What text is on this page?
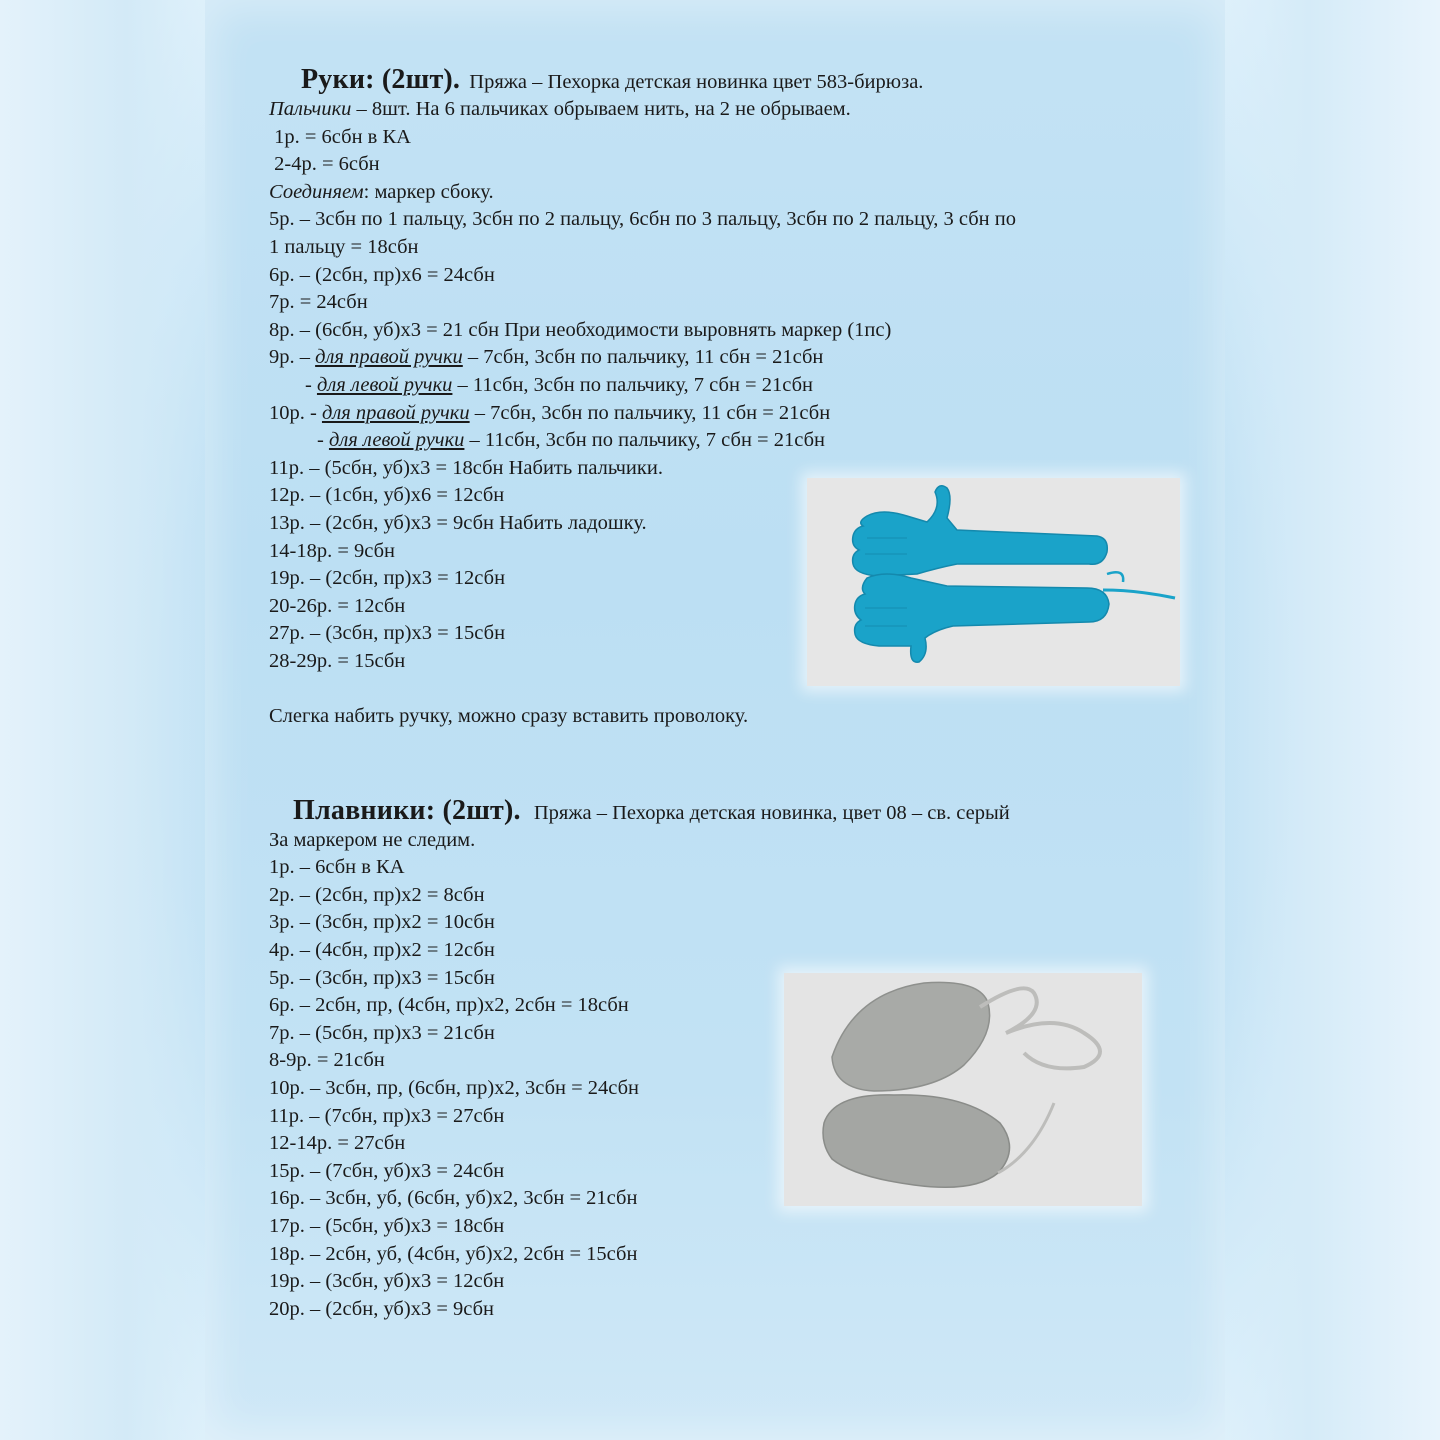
Руки: (2шт). Пряжа – Пехорка детская новинка цвет 583-бирюза.
Пальчики – 8шт. На 6 пальчиках обрываем нить, на 2 не обрываем.
1р. = 6сбн в КА
2-4р. = 6сбн
Соединяем: маркер сбоку.
5р. – 3сбн по 1 пальцу, 3сбн по 2 пальцу, 6сбн по 3 пальцу, 3сбн по 2 пальцу, 3 сбн по
1 пальцу = 18сбн
6р. – (2сбн, пр)х6 = 24сбн
7р. = 24сбн
8р. – (6сбн, уб)х3 = 21 сбн При необходимости выровнять маркер (1пс)
9р. – для правой ручки – 7сбн, 3сбн по пальчику, 11 сбн = 21сбн
- для левой ручки – 11сбн, 3сбн по пальчику, 7 сбн = 21сбн
10р. - для правой ручки – 7сбн, 3сбн по пальчику, 11 сбн = 21сбн
- для левой ручки – 11сбн, 3сбн по пальчику, 7 сбн = 21сбн
11р. – (5сбн, уб)х3 = 18сбн Набить пальчики.
12р. – (1сбн, уб)х6 = 12сбн
13р. – (2сбн, уб)х3 = 9сбн Набить ладошку.
14-18р. = 9сбн
19р. – (2сбн, пр)х3 = 12сбн
20-26р. = 12сбн
27р. – (3сбн, пр)х3 = 15сбн
28-29р. = 15сбн
Слегка набить ручку, можно сразу вставить проволоку.
Плавники: (2шт). Пряжа – Пехорка детская новинка, цвет 08 – св. серый
За маркером не следим.
1р. – 6сбн в КА
2р. – (2сбн, пр)х2 = 8сбн
3р. – (3сбн, пр)х2 = 10сбн
4р. – (4сбн, пр)х2 = 12сбн
5р. – (3сбн, пр)х3 = 15сбн
6р. – 2сбн, пр, (4сбн, пр)х2, 2сбн = 18сбн
7р. – (5сбн, пр)х3 = 21сбн
8-9р. = 21сбн
10р. – 3сбн, пр, (6сбн, пр)х2, 3сбн = 24сбн
11р. – (7сбн, пр)х3 = 27сбн
12-14р. = 27сбн
15р. – (7сбн, уб)х3 = 24сбн
16р. – 3сбн, уб, (6сбн, уб)х2, 3сбн = 21сбн
17р. – (5сбн, уб)х3 = 18сбн
18р. – 2сбн, уб, (4сбн, уб)х2, 2сбн = 15сбн
19р. – (3сбн, уб)х3 = 12сбн
20р. – (2сбн, уб)х3 = 9сбн
